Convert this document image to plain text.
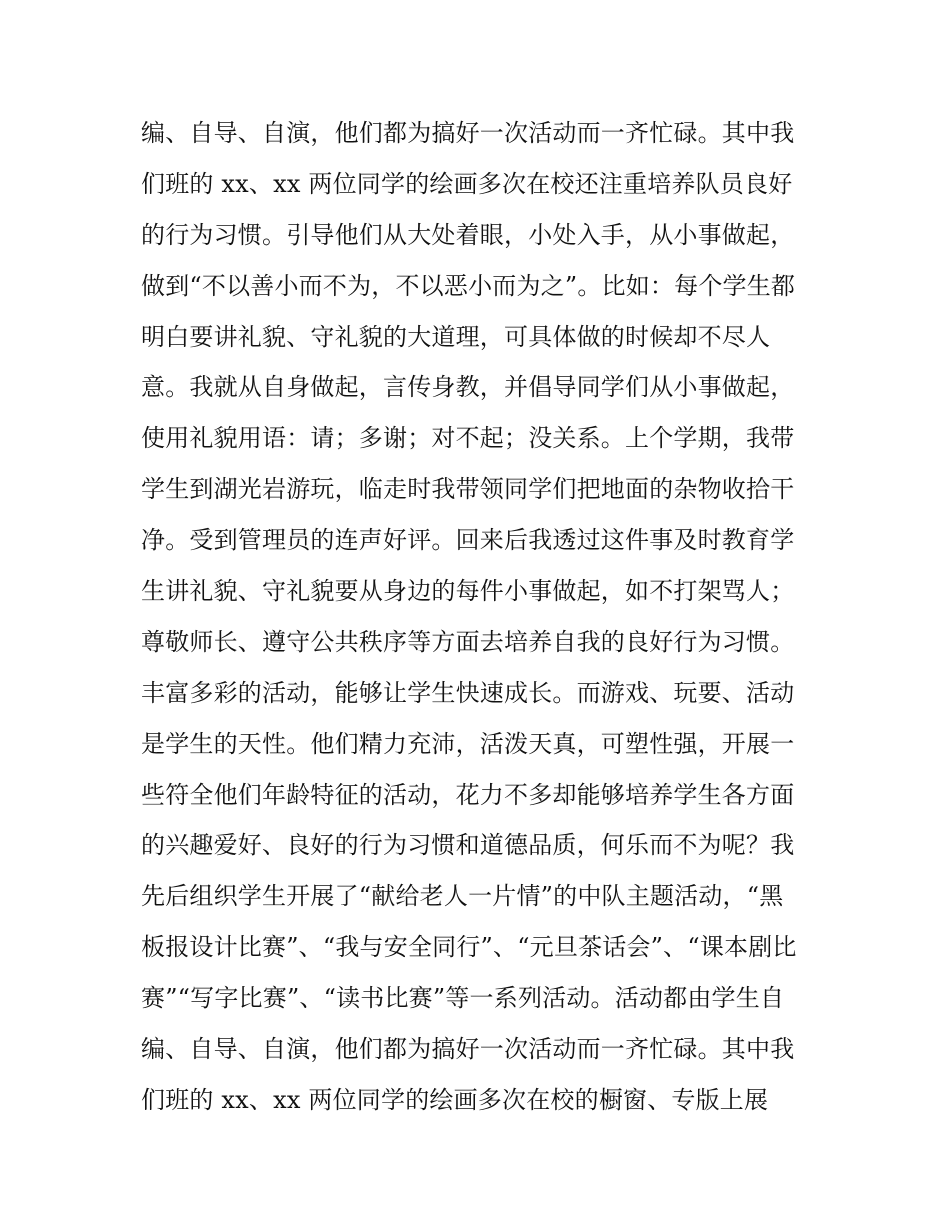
编、自导、自演，他们都为搞好一次活动而一齐忙碌。其中我
们班的 xx、xx 两位同学的绘画多次在校还注重培养队员良好
的行为习惯。引导他们从大处着眼，小处入手，从小事做起，
做到“不以善小而不为，不以恶小而为之”。比如：每个学生都
明白要讲礼貌、守礼貌的大道理，可具体做的时候却不尽人
意。我就从自身做起，言传身教，并倡导同学们从小事做起，
使用礼貌用语：请；多谢；对不起；没关系。上个学期，我带
学生到湖光岩游玩，临走时我带领同学们把地面的杂物收拾干
净。受到管理员的连声好评。回来后我透过这件事及时教育学
生讲礼貌、守礼貌要从身边的每件小事做起，如不打架骂人；
尊敬师长、遵守公共秩序等方面去培养自我的良好行为习惯。
丰富多彩的活动，能够让学生快速成长。而游戏、玩要、活动
是学生的天性。他们精力充沛，活泼天真，可塑性强，开展一
些符全他们年龄特征的活动，花力不多却能够培养学生各方面
的兴趣爱好、良好的行为习惯和道德品质，何乐而不为呢？我
先后组织学生开展了“献给老人一片情”的中队主题活动，“黑
板报设计比赛”、“我与安全同行”、“元旦茶话会”、“课本剧比
赛”“写字比赛”、“读书比赛”等一系列活动。活动都由学生自
编、自导、自演，他们都为搞好一次活动而一齐忙碌。其中我
们班的 xx、xx 两位同学的绘画多次在校的橱窗、专版上展
